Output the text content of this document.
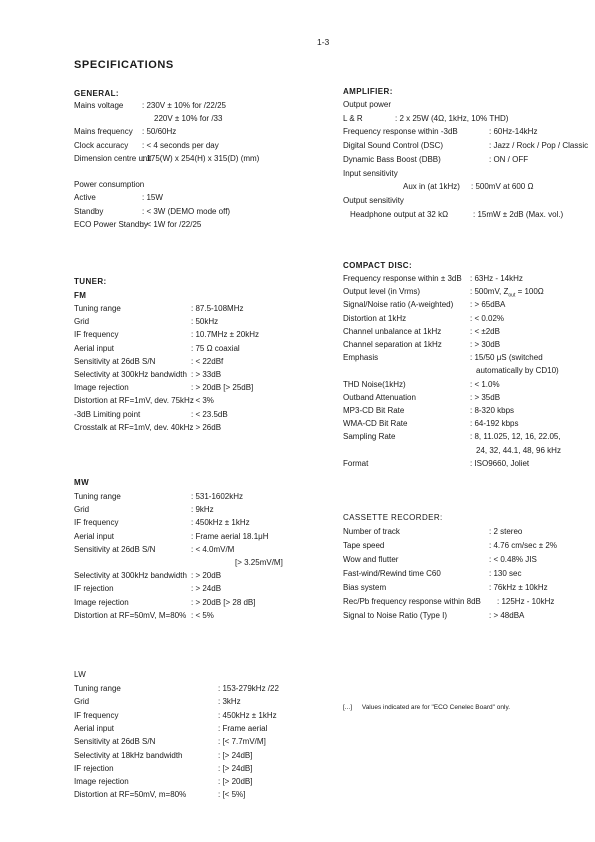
1-3
SPECIFICATIONS
GENERAL:
Mains voltage : 230V ± 10% for /22/25
220V ± 10% for /33
Mains frequency : 50/60Hz
Clock accuracy : < 4 seconds per day
Dimension centre unit
: 175(W) x 254(H) x 315(D) (mm)
Power consumption
Active	: 15W
Standby	: < 3W (DEMO mode off)
ECO Power Standby
: < 1W for /22/25
AMPLIFIER:
Output power
L & R	: 2 x 25W (4Ω, 1kHz, 10% THD)
Frequency response within -3dB	: 60Hz-14kHz
Digital Sound Control (DSC)	: Jazz / Rock / Pop / Classic
Dynamic Bass Boost (DBB)	: ON / OFF
Input sensitivity
Aux in (at 1kHz) : 500mV at 600 Ω
Output sensitivity
Headphone output at 32 kΩ	: 15mW ± 2dB (Max. vol.)
TUNER:
FM
Tuning range	: 87.5-108MHz
Grid	: 50kHz
IF frequency	: 10.7MHz ± 20kHz
Aerial input	: 75 Ω coaxial
Sensitivity at 26dB S/N	: < 22dBf
Selectivity at 300kHz bandwidth : > 33dB
Image rejection	: > 20dB [> 25dB]
Distortion at RF=1mV, dev. 75kHz
: < 3%
-3dB Limiting point	: < 23.5dB
Crosstalk at RF=1mV, dev. 40kHz
: > 26dB
COMPACT DISC:
Frequency response within ± 3dB : 63Hz - 14kHz
Output level (in Vrms)	: 500mV, $Z_{out} = 100\Omega$
Signal/Noise ratio (A-weighted) : > 65dBA
Distortion at 1kHz	: < 0.02%
Channel unbalance at 1kHz	: < ±2dB
Channel separation at 1kHz	: > 30dB
Emphasis	: 15/50 μS (switched
automatically by CD10)
THD Noise(1kHz)	: < 1.0%
Outband Attenuation	: > 35dB
MP3-CD Bit Rate	: 8-320 kbps
WMA-CD Bit Rate	: 64-192 kbps
Sampling Rate	: 8, 11.025, 12, 16, 22.05,
24, 32, 44.1, 48, 96 kHz
Format	: ISO9660, Joliet
MW
Tuning range	: 531-1602kHz
Grid	: 9kHz
IF frequency	: 450kHz ± 1kHz
Aerial input	: Frame aerial 18.1μH
Sensitivity at 26dB S/N	: < 4.0mV/M
[> 3.25mV/M]
Selectivity at 300kHz bandwidth : > 20dB
IF rejection	: > 24dB
Image rejection	: > 20dB [> 28 dB]
Distortion at RF=50mV, M=80% : < 5%
CASSETTE RECORDER:
Number of track	: 2 stereo
Tape speed	: 4.76 cm/sec ± 2%
Wow and flutter	: < 0.48% JIS
Fast-wind/Rewind time C60	: 130 sec
Bias system	: 76kHz ± 10kHz
Rec/Pb frequency response within 8dB : 125Hz - 10kHz
Signal to Noise Ratio (Type I)	: > 48dBA
LW
Tuning range	: 153-279kHz /22
Grid	: 3kHz
IF frequency	: 450kHz ± 1kHz
Aerial input	: Frame aerial
Sensitivity at 26dB S/N	: [< 7.7mV/M]
Selectivity at 18kHz bandwidth	: [> 24dB]
IF rejection	: [> 24dB]
Image rejection	: [> 20dB]
Distortion at RF=50mV, m=80%	: [< 5%]
[...] Values indicated are for "ECO Cenelec Board" only.
